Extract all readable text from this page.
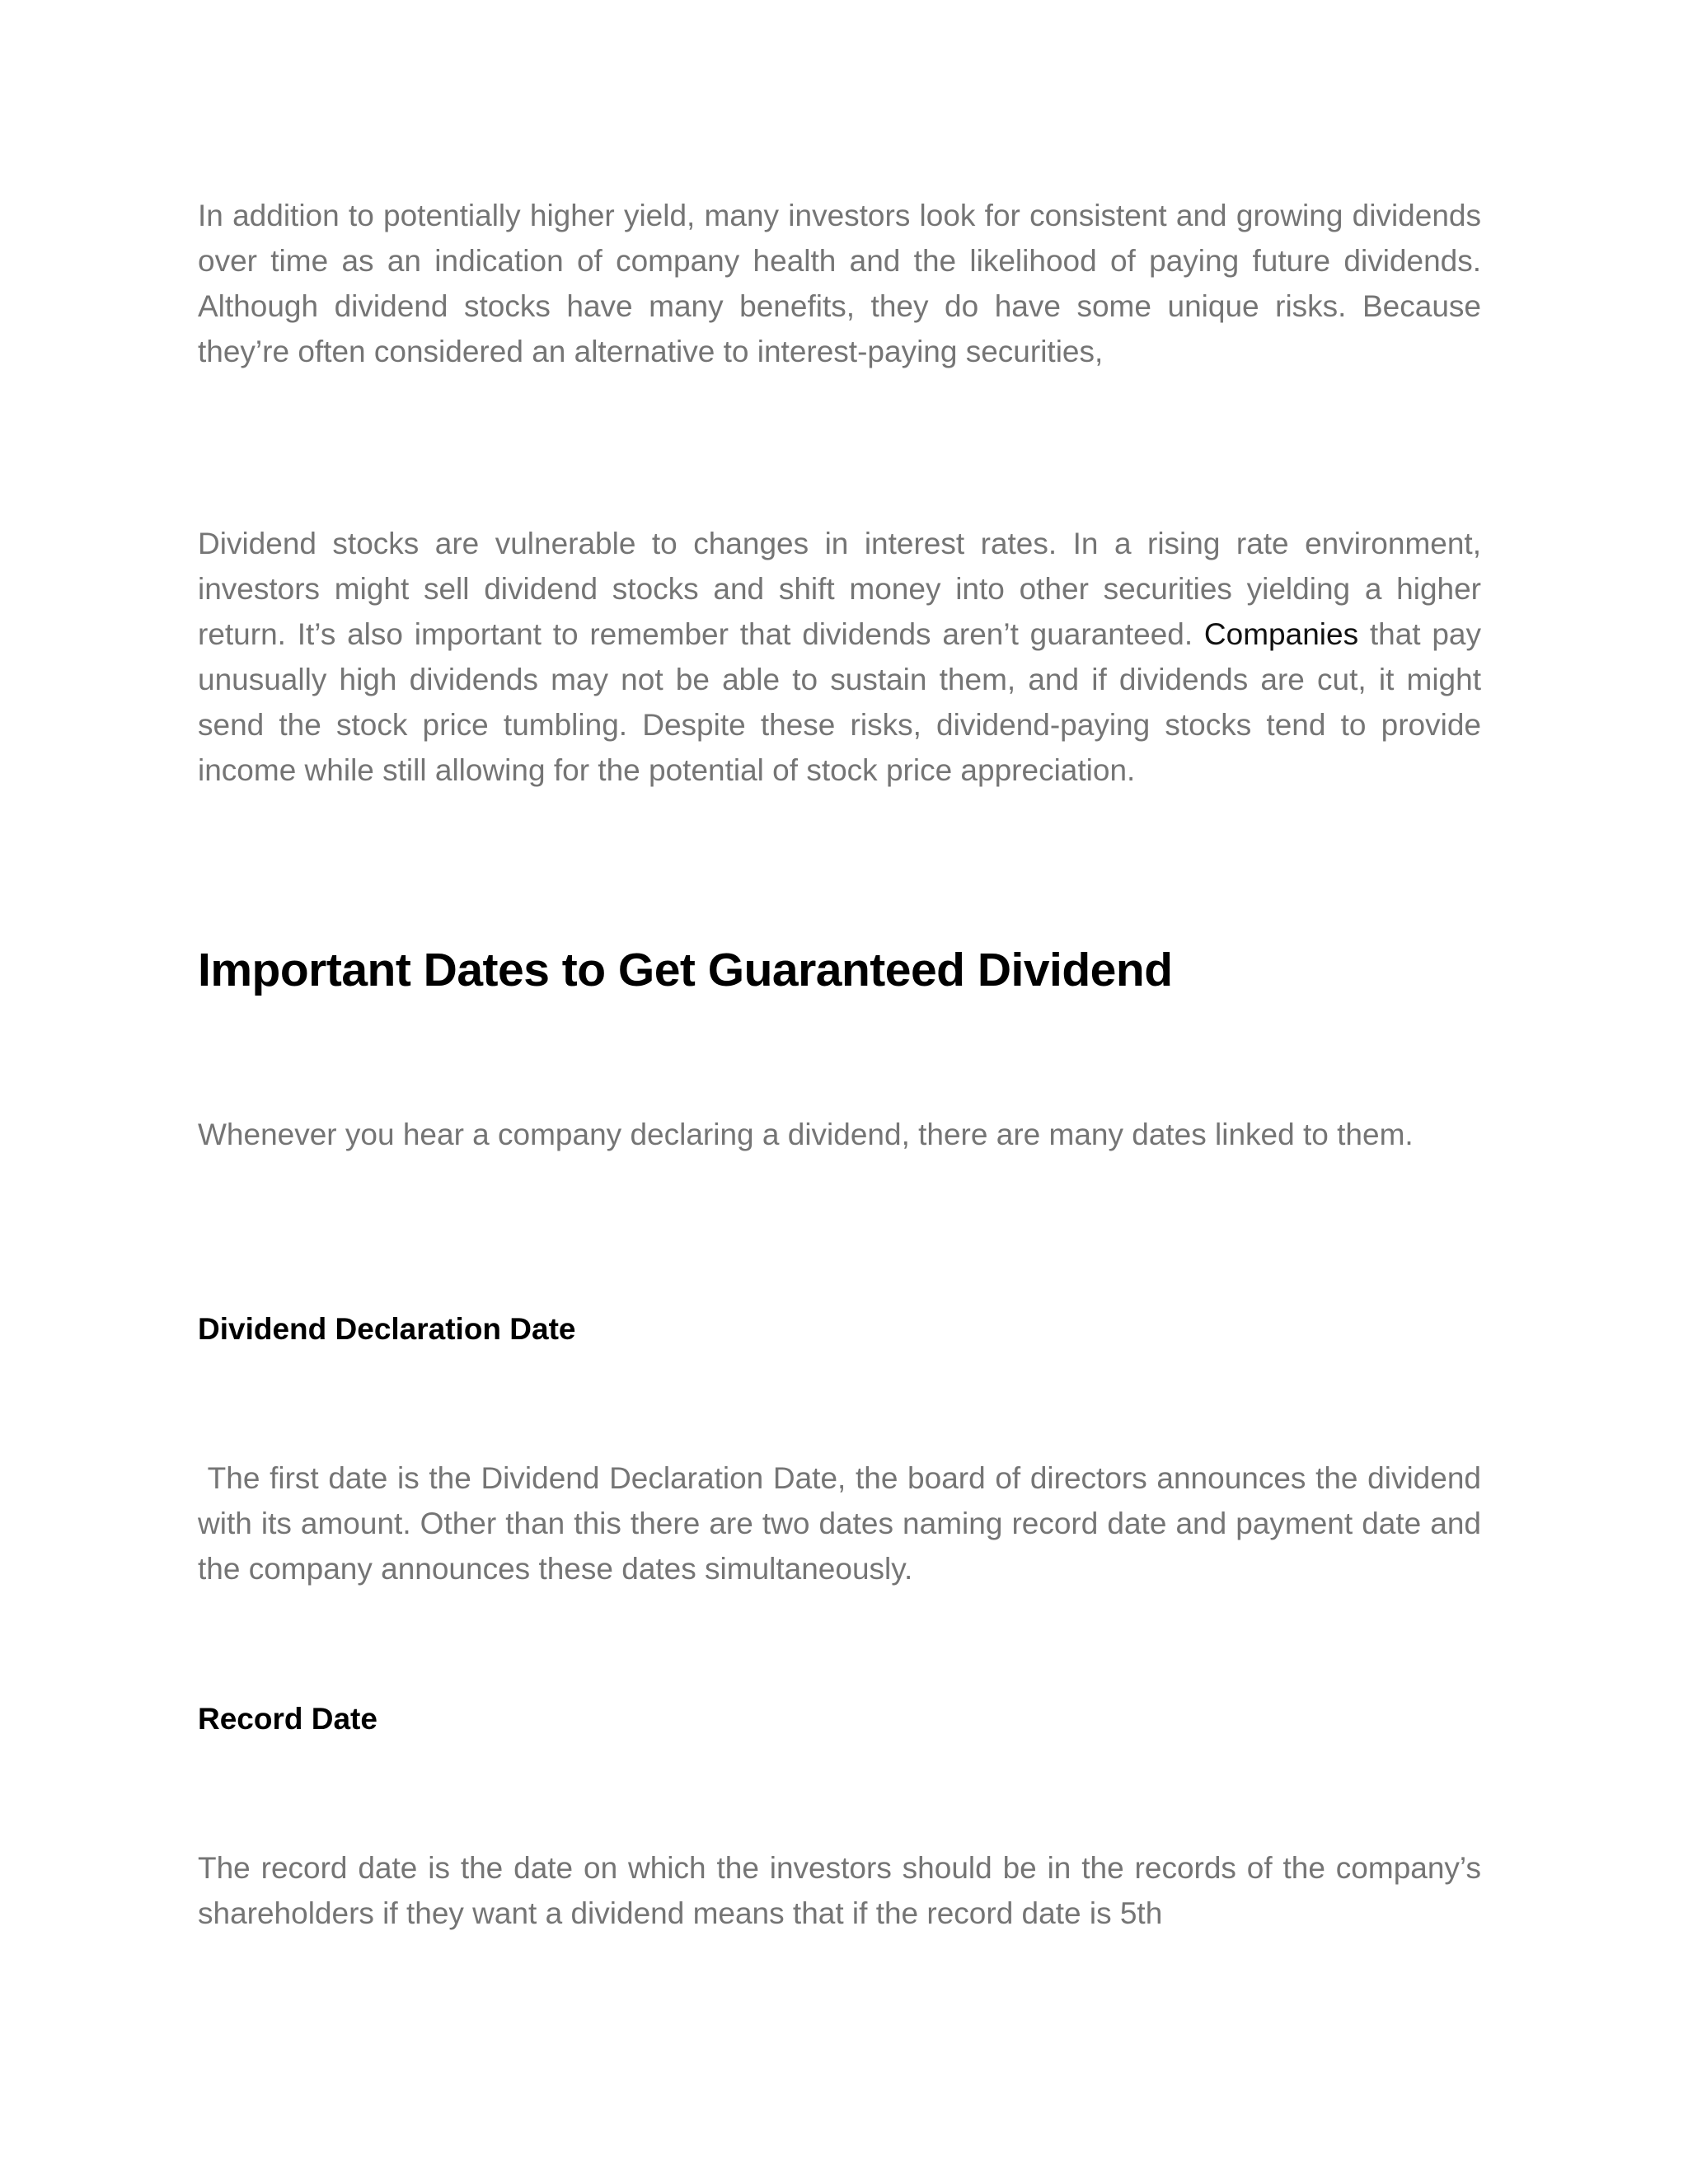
In addition to potentially higher yield, many investors look for consistent and growing dividends over time as an indication of company health and the likelihood of paying future dividends. Although dividend stocks have many benefits, they do have some unique risks. Because they’re often considered an alternative to interest-paying securities,

Dividend stocks are vulnerable to changes in interest rates. In a rising rate environment, investors might sell dividend stocks and shift money into other securities yielding a higher return. It’s also important to remember that dividends aren’t guaranteed. Companies that pay unusually high dividends may not be able to sustain them, and if dividends are cut, it might send the stock price tumbling. Despite these risks, dividend-paying stocks tend to provide income while still allowing for the potential of stock price appreciation.

Important Dates to Get Guaranteed Dividend

Whenever you hear a company declaring a dividend, there are many dates linked to them.

Dividend Declaration Date

The first date is the Dividend Declaration Date, the board of directors announces the dividend with its amount. Other than this there are two dates naming record date and payment date and the company announces these dates simultaneously.

Record Date

The record date is the date on which the investors should be in the records of the company’s shareholders if they want a dividend means that if the record date is 5th
